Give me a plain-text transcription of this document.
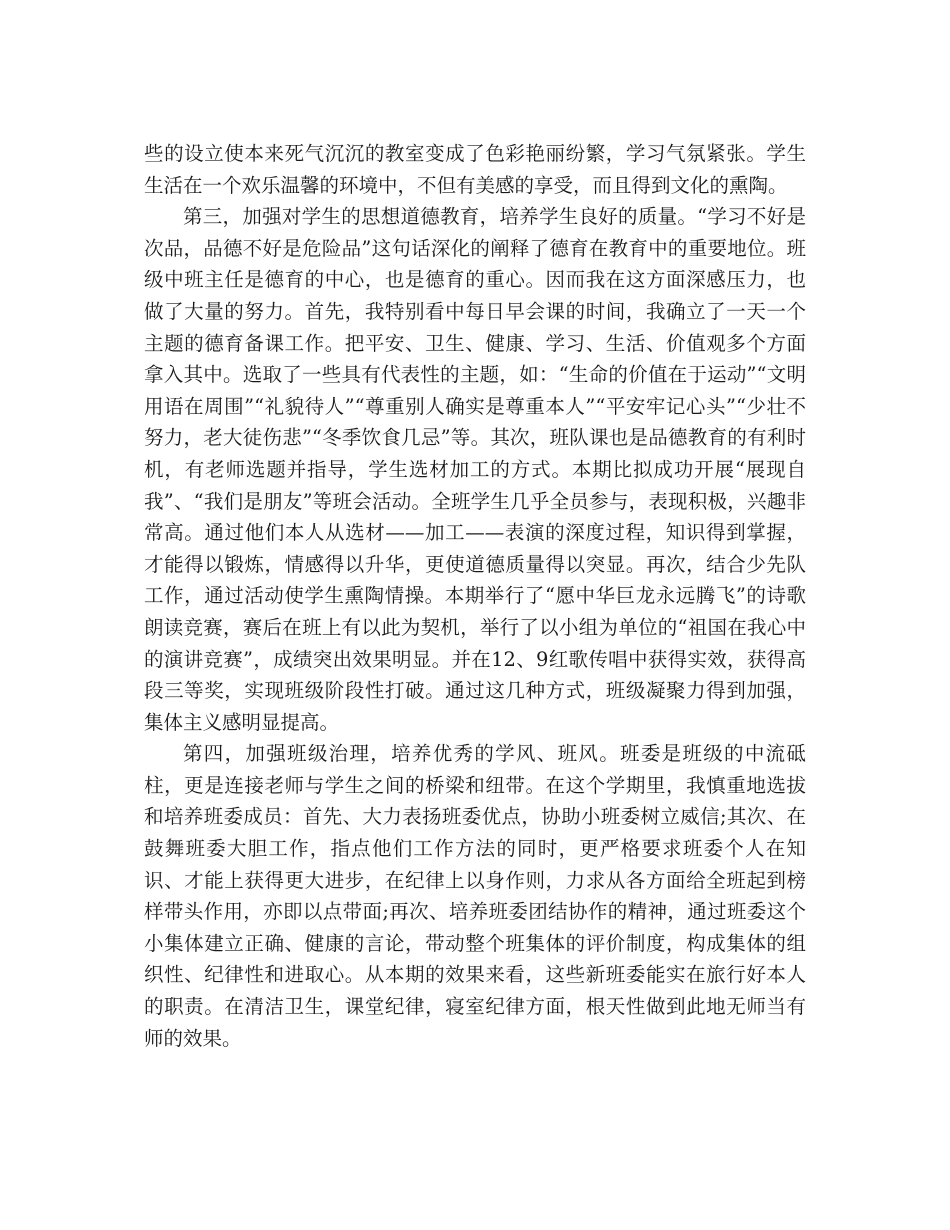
些的设立使本来死气沉沉的教室变成了色彩艳丽纷繁，学习气氛紧张。学生生活在一个欢乐温馨的环境中，不但有美感的享受，而且得到文化的熏陶。

第三，加强对学生的思想道德教育，培养学生良好的质量。“学习不好是次品，品德不好是危险品”这句话深化的阐释了德育在教育中的重要地位。班级中班主任是德育的中心，也是德育的重心。因而我在这方面深感压力，也做了大量的努力。首先，我特别看中每日早会课的时间，我确立了一天一个主题的德育备课工作。把平安、卫生、健康、学习、生活、价值观多个方面拿入其中。选取了一些具有代表性的主题，如：“生命的价值在于运动”“文明用语在周围”“礼貌待人”“尊重别人确实是尊重本人”“平安牢记心头”“少壮不努力，老大徒伤悲”“冬季饮食几忌”等。其次，班队课也是品德教育的有利时机，有老师选题并指导，学生选材加工的方式。本期比拟成功开展“展现自我”、“我们是朋友”等班会活动。全班学生几乎全员参与，表现积极，兴趣非常高。通过他们本人从选材——加工——表演的深度过程，知识得到掌握，才能得以锻炼，情感得以升华，更使道德质量得以突显。再次，结合少先队工作，通过活动使学生熏陶情操。本期举行了“愿中华巨龙永远腾飞”的诗歌朗读竞赛，赛后在班上有以此为契机，举行了以小组为单位的“祖国在我心中的演讲竞赛”，成绩突出效果明显。并在12、9红歌传唱中获得实效，获得高段三等奖，实现班级阶段性打破。通过这几种方式，班级凝聚力得到加强，集体主义感明显提高。

第四，加强班级治理，培养优秀的学风、班风。班委是班级的中流砥柱，更是连接老师与学生之间的桥梁和纽带。在这个学期里，我慎重地选拔和培养班委成员：首先、大力表扬班委优点，协助小班委树立威信;其次、在鼓舞班委大胆工作，指点他们工作方法的同时，更严格要求班委个人在知识、才能上获得更大进步，在纪律上以身作则，力求从各方面给全班起到榜样带头作用，亦即以点带面;再次、培养班委团结协作的精神，通过班委这个小集体建立正确、健康的言论，带动整个班集体的评价制度，构成集体的组织性、纪律性和进取心。从本期的效果来看，这些新班委能实在旅行好本人的职责。在清洁卫生，课堂纪律，寝室纪律方面，根天性做到此地无师当有师的效果。
